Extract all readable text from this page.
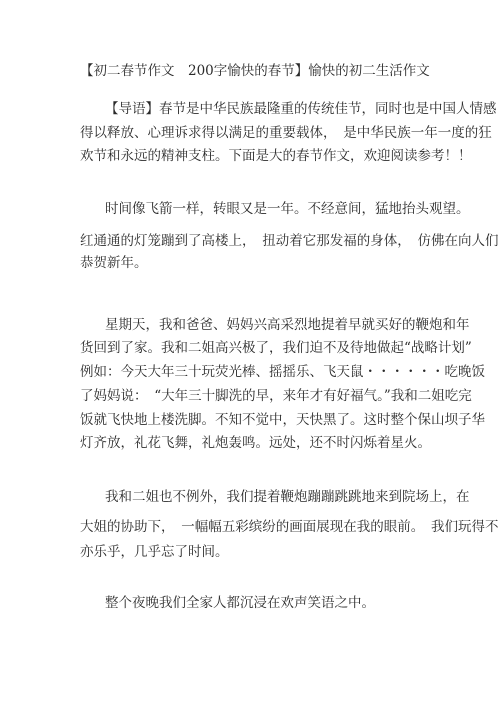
【初二春节作文　200字愉快的春节】愉快的初二生活作文
【导语】春节是中华民族最隆重的传统佳节，同时也是中国人情感
得以释放、心理诉求得以满足的重要载体，　是中华民族一年一度的狂
欢节和永远的精神支柱。下面是大的春节作文，欢迎阅读参考！！
时间像飞箭一样，转眼又是一年。不经意间，猛地抬头观望。
红通通的灯笼蹦到了高楼上，　扭动着它那发福的身体，　仿佛在向人们
恭贺新年。
星期天，我和爸爸、妈妈兴高采烈地提着早就买好的鞭炮和年
货回到了家。我和二姐高兴极了，我们迫不及待地做起“战略计划”
例如：今天大年三十玩荧光棒、摇摇乐、飞天鼠・・・・・・吃晚饭
了妈妈说：　“大年三十脚洗的早，来年才有好福气。”我和二姐吃完
饭就飞快地上楼洗脚。不知不觉中，天快黑了。这时整个保山坝子华
灯齐放，礼花飞舞，礼炮轰鸣。远处，还不时闪烁着星火。
我和二姐也不例外，我们提着鞭炮蹦蹦跳跳地来到院场上，在
大姐的协助下，　一幅幅五彩缤纷的画面展现在我的眼前。　我们玩得不
亦乐乎，几乎忘了时间。
整个夜晚我们全家人都沉浸在欢声笑语之中。
